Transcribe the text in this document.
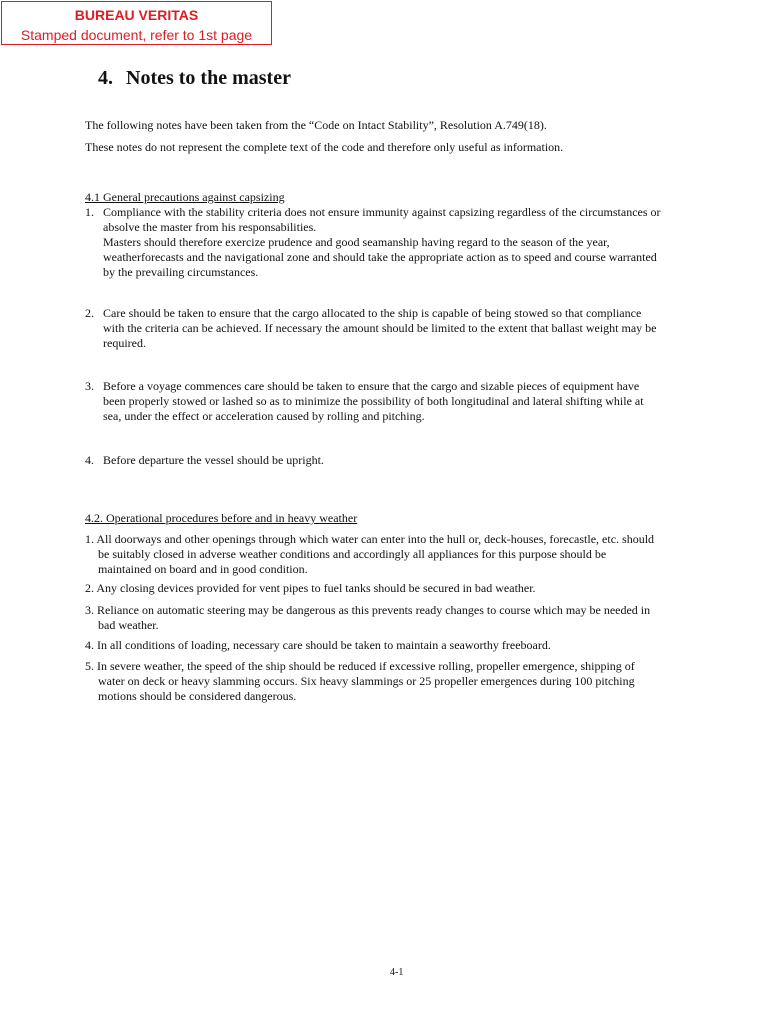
BUREAU VERITAS
Stamped document, refer to 1st page
4. Notes to the master

The following notes have been taken from the “Code on Intact Stability”, Resolution A.749(18).

These notes do not represent the complete text of the code and therefore only useful as information.

4.1 General precautions against capsizing

1. Compliance with the stability criteria does not ensure immunity against capsizing regardless of the circumstances or
absolve the master from his responsabilities.
Masters should therefore exercize prudence and good seamanship having regard to the season of the year,
weatherforecasts and the navigational zone and should take the appropriate action as to speed and course warranted
by the prevailing circumstances.
2. Care should be taken to ensure that the cargo allocated to the ship is capable of being stowed so that compliance
with the criteria can be achieved. If necessary the amount should be limited to the extent that ballast weight may be
required.
3. Before a voyage commences care should be taken to ensure that the cargo and sizable pieces of equipment have
been properly stowed or lashed so as to minimize the possibility of both longitudinal and lateral shifting while at
sea, under the effect or acceleration caused by rolling and pitching.
4. Before departure the vessel should be upright.

4.2. Operational procedures before and in heavy weather

1. All doorways and other openings through which water can enter into the hull or, deck-houses, forecastle, etc. should
be suitably closed in adverse weather conditions and accordingly all appliances for this purpose should be
maintained on board and in good condition.
2. Any closing devices provided for vent pipes to fuel tanks should be secured in bad weather.
3. Reliance on automatic steering may be dangerous as this prevents ready changes to course which may be needed in
bad weather.
4. In all conditions of loading, necessary care should be taken to maintain a seaworthy freeboard.
5. In severe weather, the speed of the ship should be reduced if excessive rolling, propeller emergence, shipping of
water on deck or heavy slamming occurs. Six heavy slammings or 25 propeller emergences during 100 pitching
motions should be considered dangerous.

4-1
